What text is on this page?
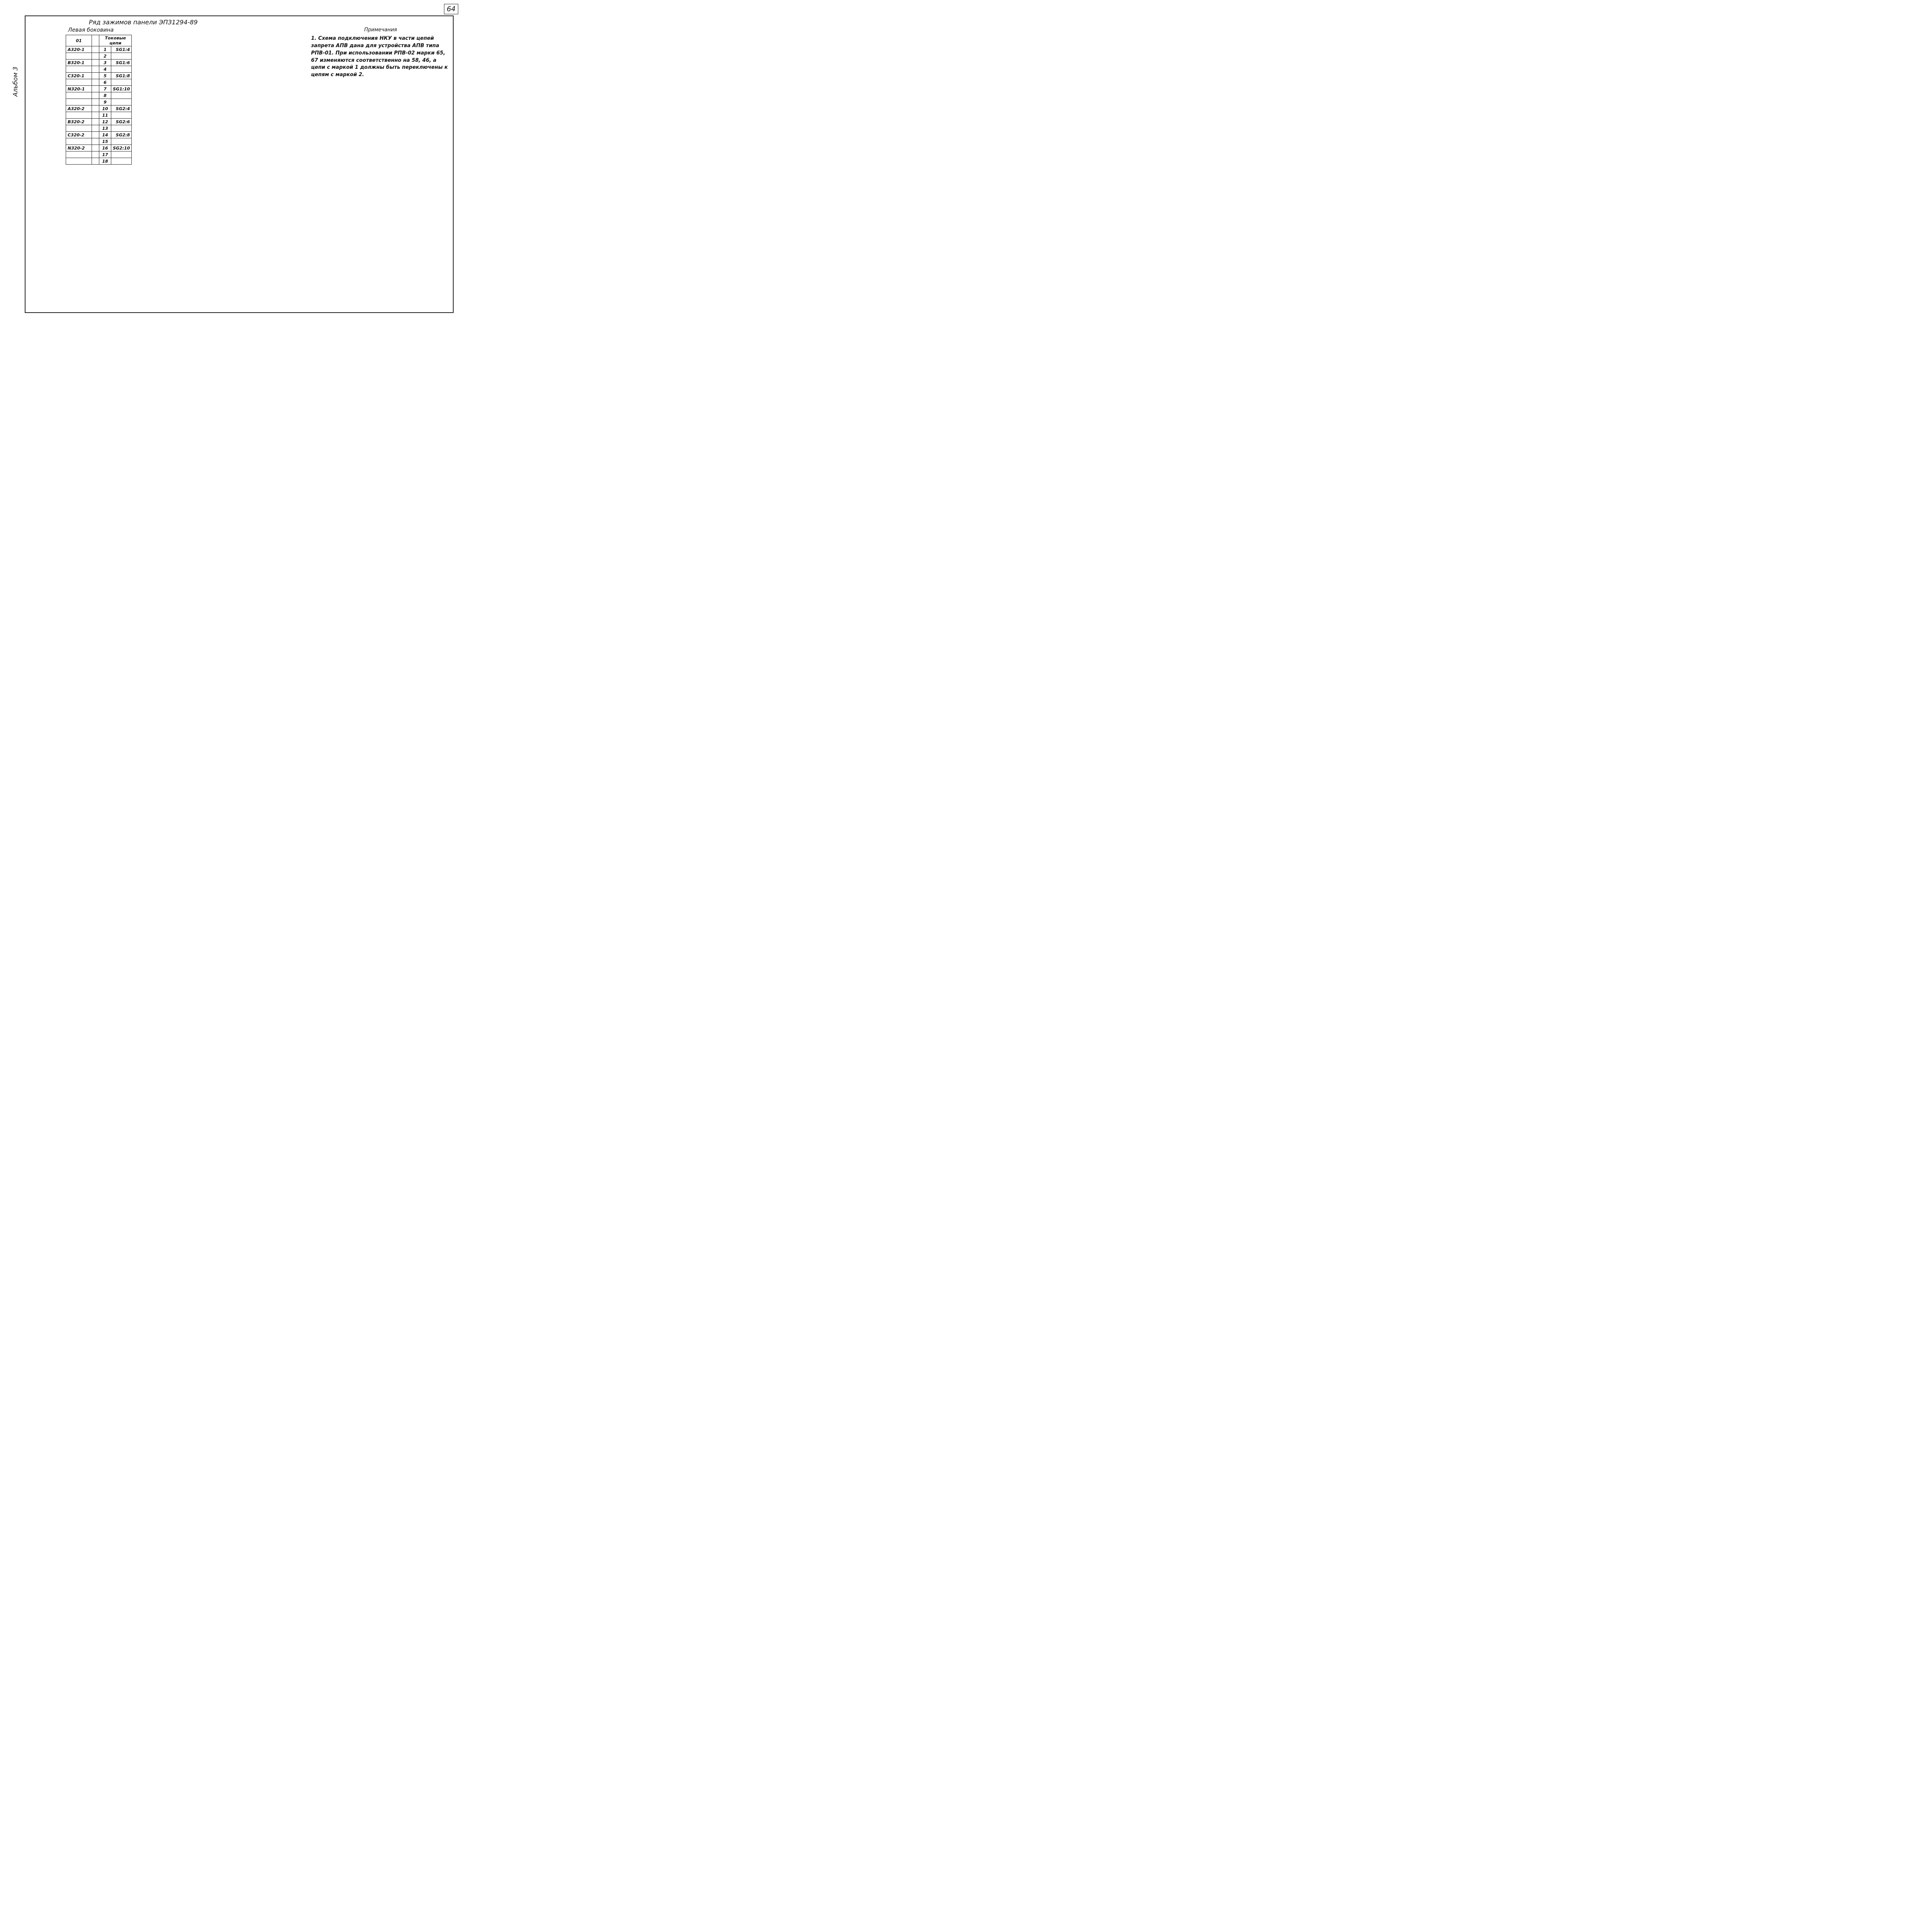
64
Альбом 3
Ряд зажимов панели ЭПЗ1294-89
Левая боковина
01		Токовые цепи	
A320-1		1	SG1:4
		2	
B320-1		3	SG1:6
		4	
C320-1		5	SG1:8
		6	
N320-1		7	SG1:10
		8	
		9	
A320-2		10	SG2:4
		11	
B320-2		12	SG2:6
		13	
C320-2		14	SG2:8
		15	
N320-2		16	SG2:10
		17	
		18	
Примечания
1. Схема подключения НКУ в части цепей запрета АПВ дана для устройства АПВ типа РПВ-01. При использовании РПВ-02 марки 65, 67 изменяются соответственно на 58, 46, а цепи с маркой 1 должны быть переключены к цепям с маркой 2.
